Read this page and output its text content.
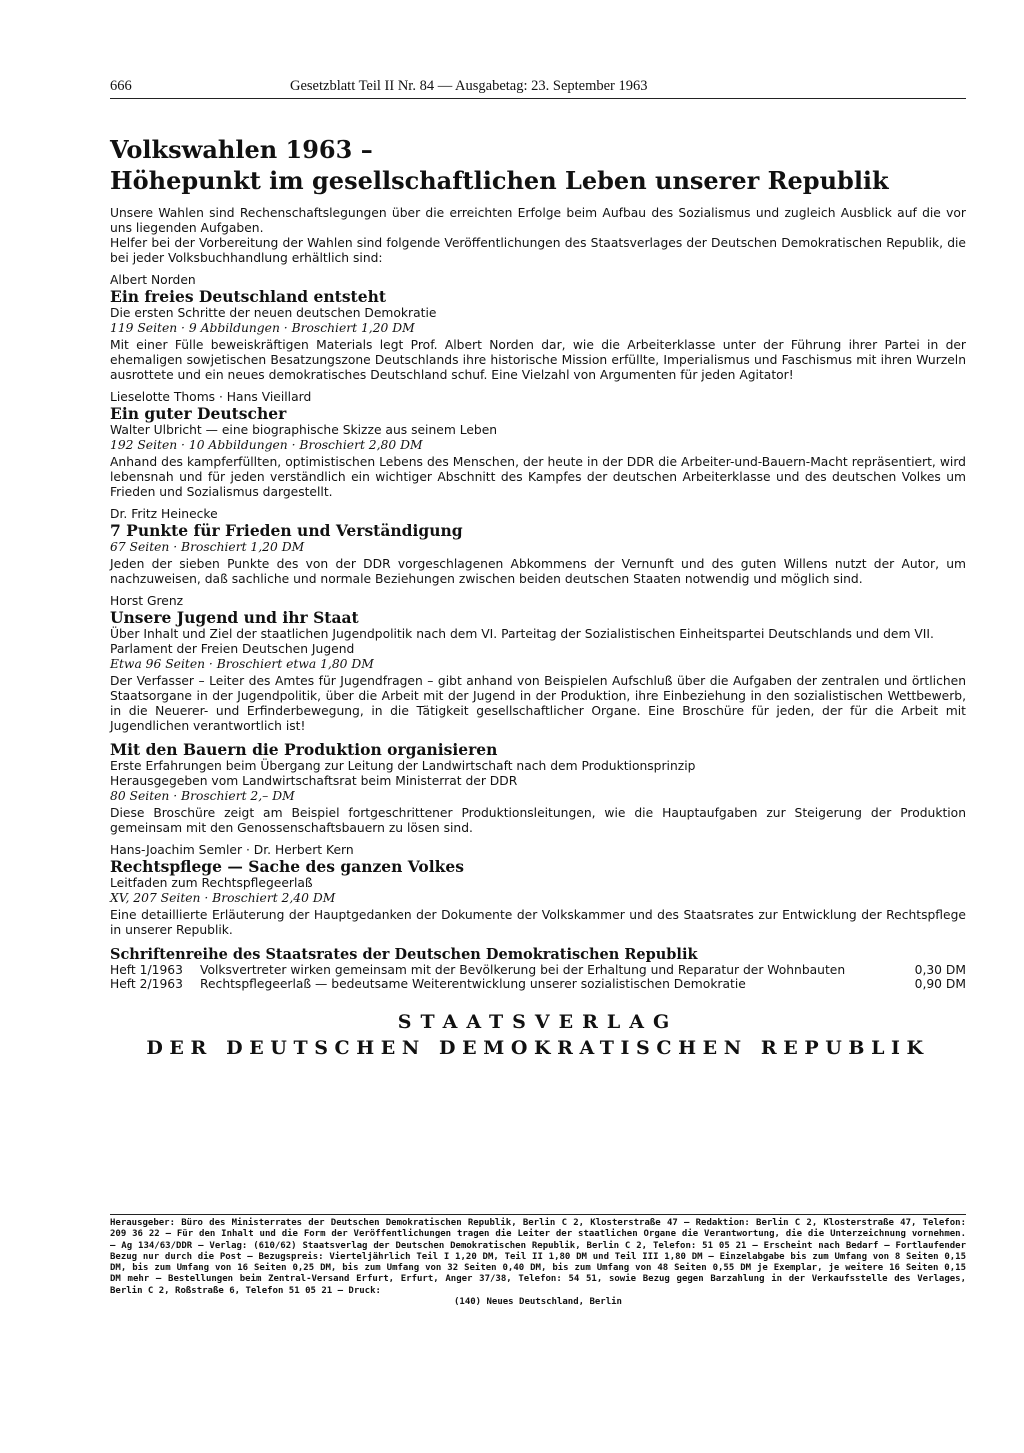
666	Gesetzblatt Teil II Nr. 84 — Ausgabetag: 23. September 1963
Volkswahlen 1963 –
Höhepunkt im gesellschaftlichen Leben unserer Republik

Unsere Wahlen sind Rechenschaftslegungen über die erreichten Erfolge beim Aufbau des Sozialismus und zugleich Ausblick auf die vor uns liegenden Aufgaben.

Helfer bei der Vorbereitung der Wahlen sind folgende Veröffentlichungen des Staatsverlages der Deutschen Demokratischen Republik, die bei jeder Volksbuchhandlung erhältlich sind:

Albert Norden
Ein freies Deutschland entsteht
Die ersten Schritte der neuen deutschen Demokratie
119 Seiten · 9 Abbildungen · Broschiert 1,20 DM
Mit einer Fülle beweiskräftigen Materials legt Prof. Albert Norden dar, wie die Arbeiterklasse unter der Führung ihrer Partei in der ehemaligen sowjetischen Besatzungszone Deutschlands ihre historische Mission erfüllte, Imperialismus und Faschismus mit ihren Wurzeln ausrottete und ein neues demokratisches Deutschland schuf. Eine Vielzahl von Argumenten für jeden Agitator!
Lieselotte Thoms · Hans Vieillard
Ein guter Deutscher
Walter Ulbricht — eine biographische Skizze aus seinem Leben
192 Seiten · 10 Abbildungen · Broschiert 2,80 DM
Anhand des kampferfüllten, optimistischen Lebens des Menschen, der heute in der DDR die Arbeiter-und-Bauern-Macht repräsentiert, wird lebensnah und für jeden verständlich ein wichtiger Abschnitt des Kampfes der deutschen Arbeiterklasse und des deutschen Volkes um Frieden und Sozialismus dargestellt.
Dr. Fritz Heinecke
7 Punkte für Frieden und Verständigung
67 Seiten · Broschiert 1,20 DM
Jeden der sieben Punkte des von der DDR vorgeschlagenen Abkommens der Vernunft und des guten Willens nutzt der Autor, um nachzuweisen, daß sachliche und normale Beziehungen zwischen beiden deutschen Staaten notwendig und möglich sind.
Horst Grenz
Unsere Jugend und ihr Staat
Über Inhalt und Ziel der staatlichen Jugendpolitik nach dem VI. Parteitag der Sozialistischen Einheitspartei Deutschlands und dem VII. Parlament der Freien Deutschen Jugend
Etwa 96 Seiten · Broschiert etwa 1,80 DM
Der Verfasser – Leiter des Amtes für Jugendfragen – gibt anhand von Beispielen Aufschluß über die Aufgaben der zentralen und örtlichen Staatsorgane in der Jugendpolitik, über die Arbeit mit der Jugend in der Produktion, ihre Einbeziehung in den sozialistischen Wettbewerb, in die Neuerer- und Erfinderbewegung, in die Tätigkeit gesellschaftlicher Organe. Eine Broschüre für jeden, der für die Arbeit mit Jugendlichen verantwortlich ist!
Mit den Bauern die Produktion organisieren
Erste Erfahrungen beim Übergang zur Leitung der Landwirtschaft nach dem Produktionsprinzip
Herausgegeben vom Landwirtschaftsrat beim Ministerrat der DDR
80 Seiten · Broschiert 2,– DM
Diese Broschüre zeigt am Beispiel fortgeschrittener Produktionsleitungen, wie die Hauptaufgaben zur Steigerung der Produktion gemeinsam mit den Genossenschaftsbauern zu lösen sind.
Hans-Joachim Semler · Dr. Herbert Kern
Rechtspflege — Sache des ganzen Volkes
Leitfaden zum Rechtspflegeerlaß
XV, 207 Seiten · Broschiert 2,40 DM
Eine detaillierte Erläuterung der Hauptgedanken der Dokumente der Volkskammer und des Staatsrates zur Entwicklung der Rechtspflege in unserer Republik.
Schriftenreihe des Staatsrates der Deutschen Demokratischen Republik
Heft 1/1963	Volksvertreter wirken gemeinsam mit der Bevölkerung bei der Erhaltung und Reparatur der Wohnbauten	0,30 DM
Heft 2/1963	Rechtspflegeerlaß — bedeutsame Weiterentwicklung unserer sozialistischen Demokratie	0,90 DM
STAATSVERLAG
DER DEUTSCHEN DEMOKRATISCHEN REPUBLIK
Herausgeber: Büro des Ministerrates der Deutschen Demokratischen Republik, Berlin C 2, Klosterstraße 47 – Redaktion: Berlin C 2, Klosterstraße 47, Telefon: 209 36 22 – Für den Inhalt und die Form der Veröffentlichungen tragen die Leiter der staatlichen Organe die Verantwortung, die die Unterzeichnung vornehmen. – Ag 134/63/DDR – Verlag: (610/62) Staatsverlag der Deutschen Demokratischen Republik, Berlin C 2, Telefon: 51 05 21 – Erscheint nach Bedarf – Fortlaufender Bezug nur durch die Post – Bezugspreis: Vierteljährlich Teil I 1,20 DM, Teil II 1,80 DM und Teil III 1,80 DM – Einzelabgabe bis zum Umfang von 8 Seiten 0,15 DM, bis zum Umfang von 16 Seiten 0,25 DM, bis zum Umfang von 32 Seiten 0,40 DM, bis zum Umfang von 48 Seiten 0,55 DM je Exemplar, je weitere 16 Seiten 0,15 DM mehr – Bestellungen beim Zentral-Versand Erfurt, Erfurt, Anger 37/38, Telefon: 54 51, sowie Bezug gegen Barzahlung in der Verkaufsstelle des Verlages, Berlin C 2, Roßstraße 6, Telefon 51 05 21 – Druck:
(140) Neues Deutschland, Berlin
